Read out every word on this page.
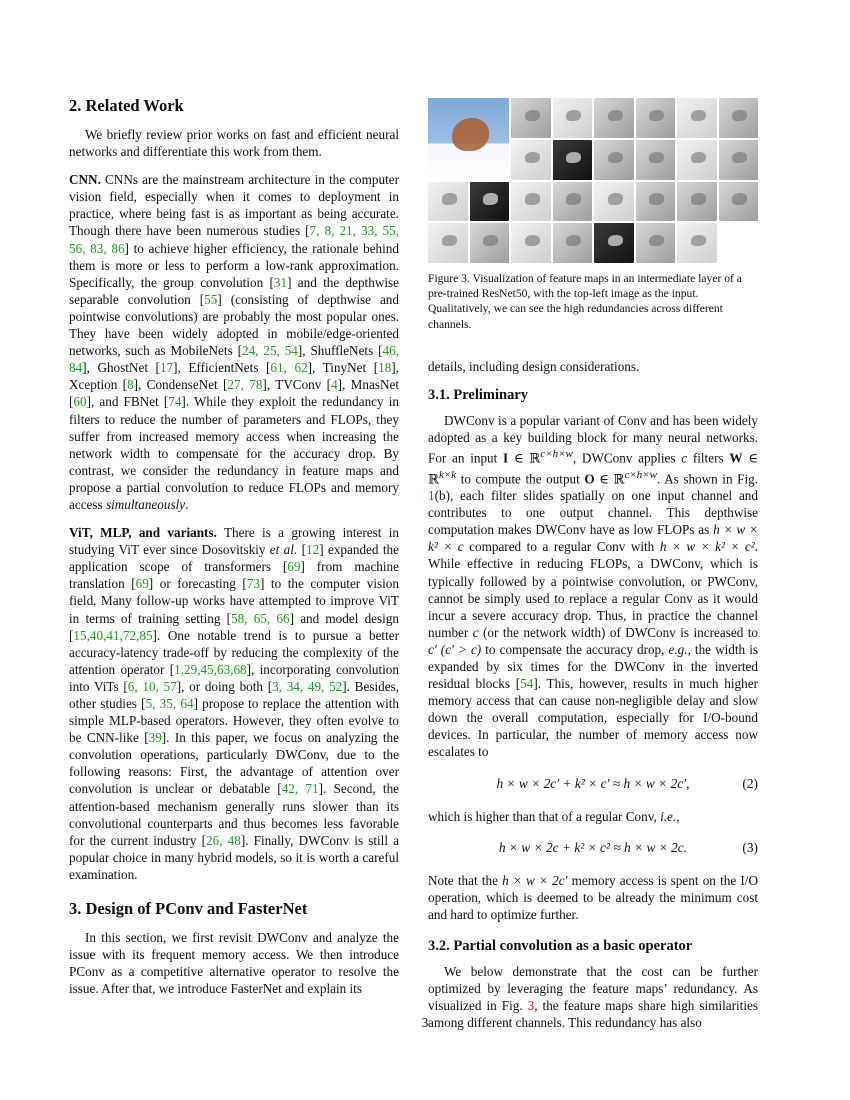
2. Related Work

We briefly review prior works on fast and efficient neural networks and differentiate this work from them.

CNN. CNNs are the mainstream architecture in the computer vision field, especially when it comes to deployment in practice, where being fast is as important as being accurate. Though there have been numerous studies [7, 8, 21, 33, 55, 56, 83, 86] to achieve higher efficiency, the rationale behind them is more or less to perform a low-rank approximation. Specifically, the group convolution [31] and the depthwise separable convolution [55] (consisting of depthwise and pointwise convolutions) are probably the most popular ones. They have been widely adopted in mobile/edge-oriented networks, such as MobileNets [24, 25, 54], ShuffleNets [46, 84], GhostNet [17], EfficientNets [61, 62], TinyNet [18], Xception [8], CondenseNet [27, 78], TVConv [4], MnasNet [60], and FBNet [74]. While they exploit the redundancy in filters to reduce the number of parameters and FLOPs, they suffer from increased memory access when increasing the network width to compensate for the accuracy drop. By contrast, we consider the redundancy in feature maps and propose a partial convolution to reduce FLOPs and memory access simultaneously.

ViT, MLP, and variants. There is a growing interest in studying ViT ever since Dosovitskiy et al. [12] expanded the application scope of transformers [69] from machine translation [69] or forecasting [73] to the computer vision field. Many follow-up works have attempted to improve ViT in terms of training setting [58, 65, 66] and model design [15,40,41,72,85]. One notable trend is to pursue a better accuracy-latency trade-off by reducing the complexity of the attention operator [1,29,45,63,68], incorporating convolution into ViTs [6, 10, 57], or doing both [3, 34, 49, 52]. Besides, other studies [5, 35, 64] propose to replace the attention with simple MLP-based operators. However, they often evolve to be CNN-like [39]. In this paper, we focus on analyzing the convolution operations, particularly DWConv, due to the following reasons: First, the advantage of attention over convolution is unclear or debatable [42, 71]. Second, the attention-based mechanism generally runs slower than its convolutional counterparts and thus becomes less favorable for the current industry [26, 48]. Finally, DWConv is still a popular choice in many hybrid models, so it is worth a careful examination.

3. Design of PConv and FasterNet

In this section, we first revisit DWConv and analyze the issue with its frequent memory access. We then introduce PConv as a competitive alternative operator to resolve the issue. After that, we introduce FasterNet and explain its

Figure 3. Visualization of feature maps in an intermediate layer of a pre-trained ResNet50, with the top-left image as the input. Qualitatively, we can see the high redundancies across different channels.

details, including design considerations.

3.1. Preliminary

DWConv is a popular variant of Conv and has been widely adopted as a key building block for many neural networks. For an input I ∈ ℝ$^{c\times h\times w}$, DWConv applies c filters W ∈ ℝ$^{k\times k}$ to compute the output O ∈ ℝ$^{c\times h\times w}$. As shown in Fig. 1(b), each filter slides spatially on one input channel and contributes to one output channel. This depthwise computation makes DWConv have as low FLOPs as h × w × k² × c compared to a regular Conv with h × w × k² × c². While effective in reducing FLOPs, a DWConv, which is typically followed by a pointwise convolution, or PWConv, cannot be simply used to replace a regular Conv as it would incur a severe accuracy drop. Thus, in practice the channel number c (or the network width) of DWConv is increased to c′ (c′ > c) to compensate the accuracy drop, e.g., the width is expanded by six times for the DWConv in the inverted residual blocks [54]. This, however, results in much higher memory access that can cause non-negligible delay and slow down the overall computation, especially for I/O-bound devices. In particular, the number of memory access now escalates to

h × w × 2c′ + k² × c′ ≈ h × w × 2c′,	(2)

which is higher than that of a regular Conv, i.e.,

h × w × 2c + k² × c² ≈ h × w × 2c.	(3)

Note that the h × w × 2c′ memory access is spent on the I/O operation, which is deemed to be already the minimum cost and hard to optimize further.

3.2. Partial convolution as a basic operator

We below demonstrate that the cost can be further optimized by leveraging the feature maps’ redundancy. As visualized in Fig. 3, the feature maps share high similarities among different channels. This redundancy has also

3
